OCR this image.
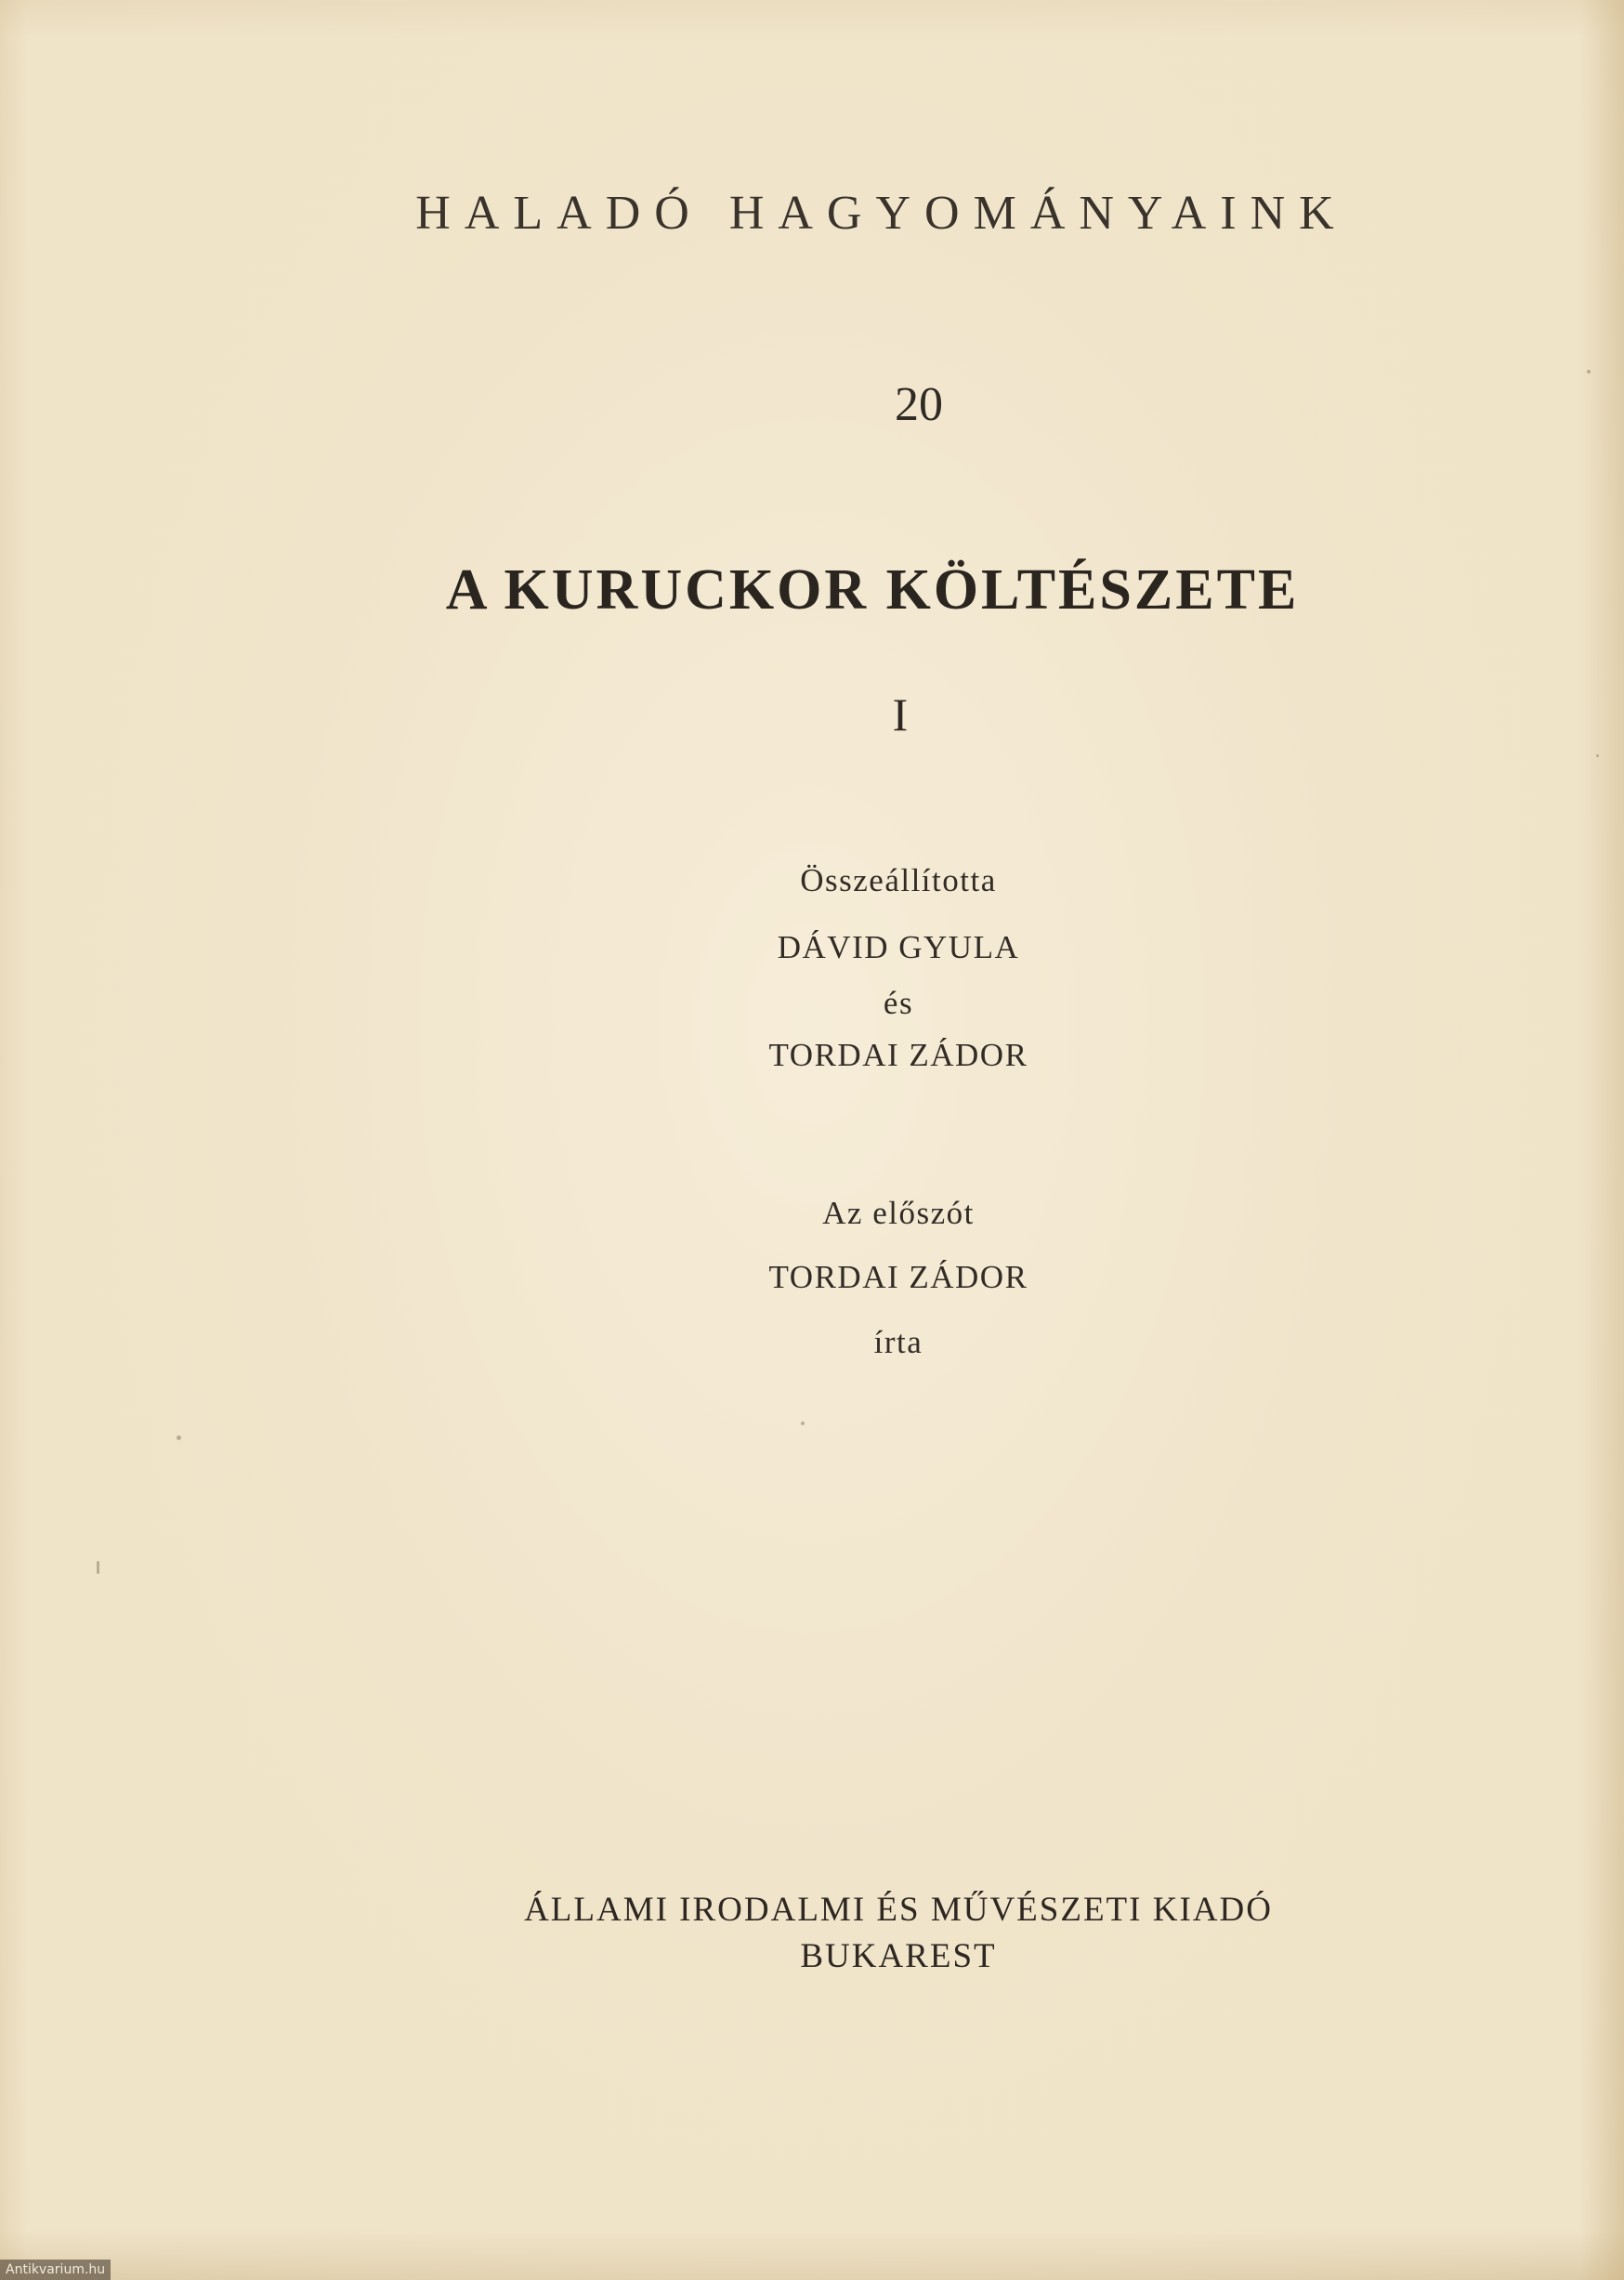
HALADÓ HAGYOMÁNYAINK
20
A KURUCKOR KÖLTÉSZETE
I
Összeállította
DÁVID GYULA
és
TORDAI ZÁDOR
Az előszót
TORDAI ZÁDOR
írta
ÁLLAMI IRODALMI ÉS MŰVÉSZETI KIADÓ
BUKAREST
Antikvarium.hu
